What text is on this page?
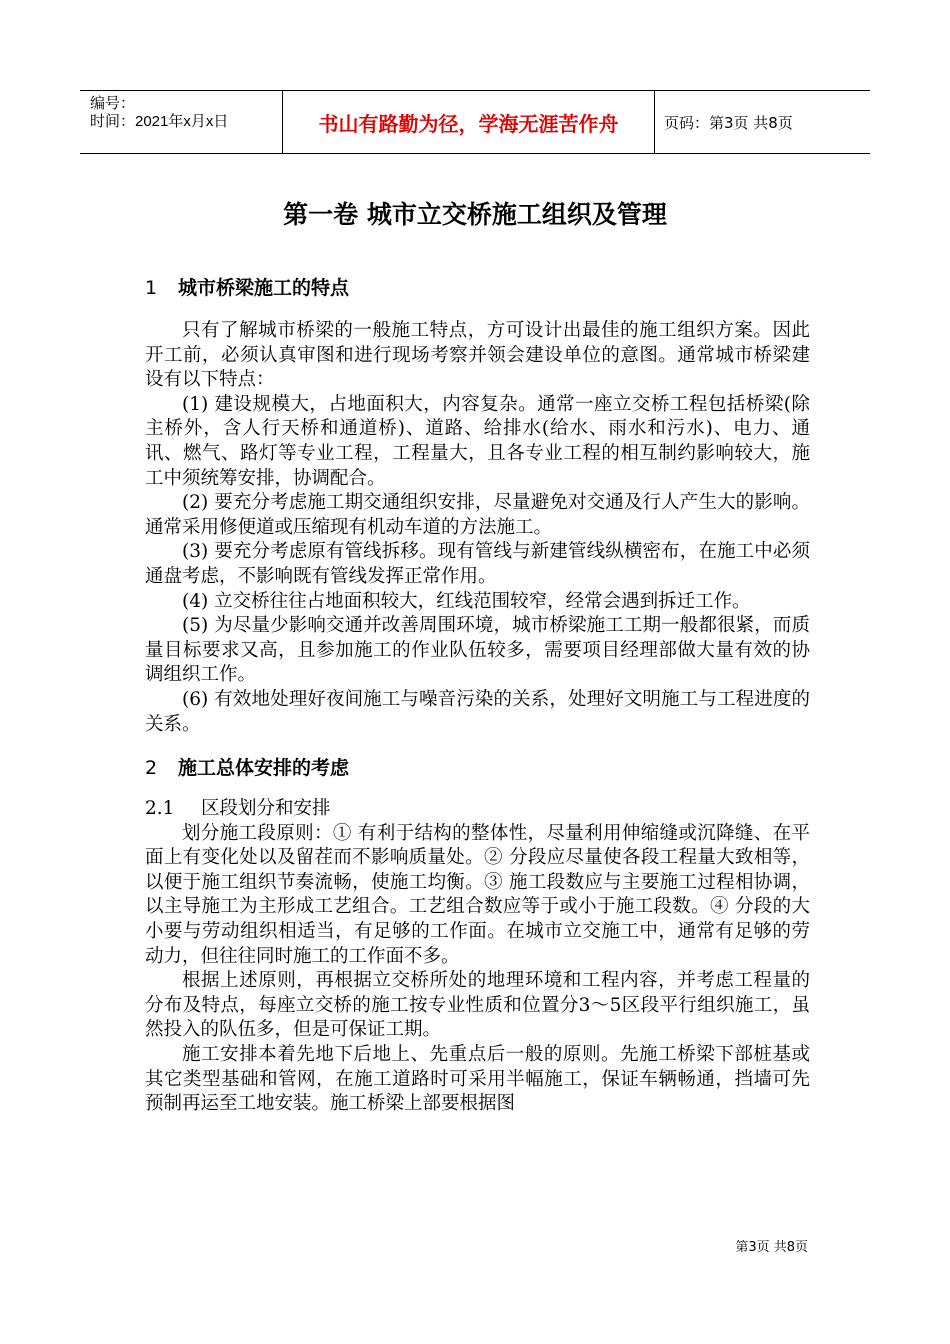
编号：
时间：2021年x月x日	书山有路勤为径，学海无涯苦作舟	页码：第3页 共8页
第一卷 城市立交桥施工组织及管理
1 城市桥梁施工的特点

只有了解城市桥梁的一般施工特点，方可设计出最佳的施工组织方案。因此开工前，必须认真审图和进行现场考察并领会建设单位的意图。通常城市桥梁建设有以下特点：

(1) 建设规模大，占地面积大，内容复杂。通常一座立交桥工程包括桥梁(除主桥外，含人行天桥和通道桥)、道路、给排水(给水、雨水和污水)、电力、通讯、燃气、路灯等专业工程，工程量大，且各专业工程的相互制约影响较大，施工中须统筹安排，协调配合。

(2) 要充分考虑施工期交通组织安排，尽量避免对交通及行人产生大的影响。通常采用修便道或压缩现有机动车道的方法施工。

(3) 要充分考虑原有管线拆移。现有管线与新建管线纵横密布，在施工中必须通盘考虑，不影响既有管线发挥正常作用。

(4) 立交桥往往占地面积较大，红线范围较窄，经常会遇到拆迁工作。

(5) 为尽量少影响交通并改善周围环境，城市桥梁施工工期一般都很紧，而质量目标要求又高，且参加施工的作业队伍较多，需要项目经理部做大量有效的协调组织工作。

(6) 有效地处理好夜间施工与噪音污染的关系，处理好文明施工与工程进度的关系。

2 施工总体安排的考虑
2.1 区段划分和安排

划分施工段原则：① 有利于结构的整体性，尽量利用伸缩缝或沉降缝、在平面上有变化处以及留茬而不影响质量处。② 分段应尽量使各段工程量大致相等，以便于施工组织节奏流畅，使施工均衡。③ 施工段数应与主要施工过程相协调，以主导施工为主形成工艺组合。工艺组合数应等于或小于施工段数。④ 分段的大小要与劳动组织相适当，有足够的工作面。在城市立交施工中，通常有足够的劳动力，但往往同时施工的工作面不多。

根据上述原则，再根据立交桥所处的地理环境和工程内容，并考虑工程量的分布及特点，每座立交桥的施工按专业性质和位置分3～5区段平行组织施工，虽然投入的队伍多，但是可保证工期。

施工安排本着先地下后地上、先重点后一般的原则。先施工桥梁下部桩基或其它类型基础和管网，在施工道路时可采用半幅施工，保证车辆畅通，挡墙可先预制再运至工地安装。施工桥梁上部要根据图

第3页 共8页
